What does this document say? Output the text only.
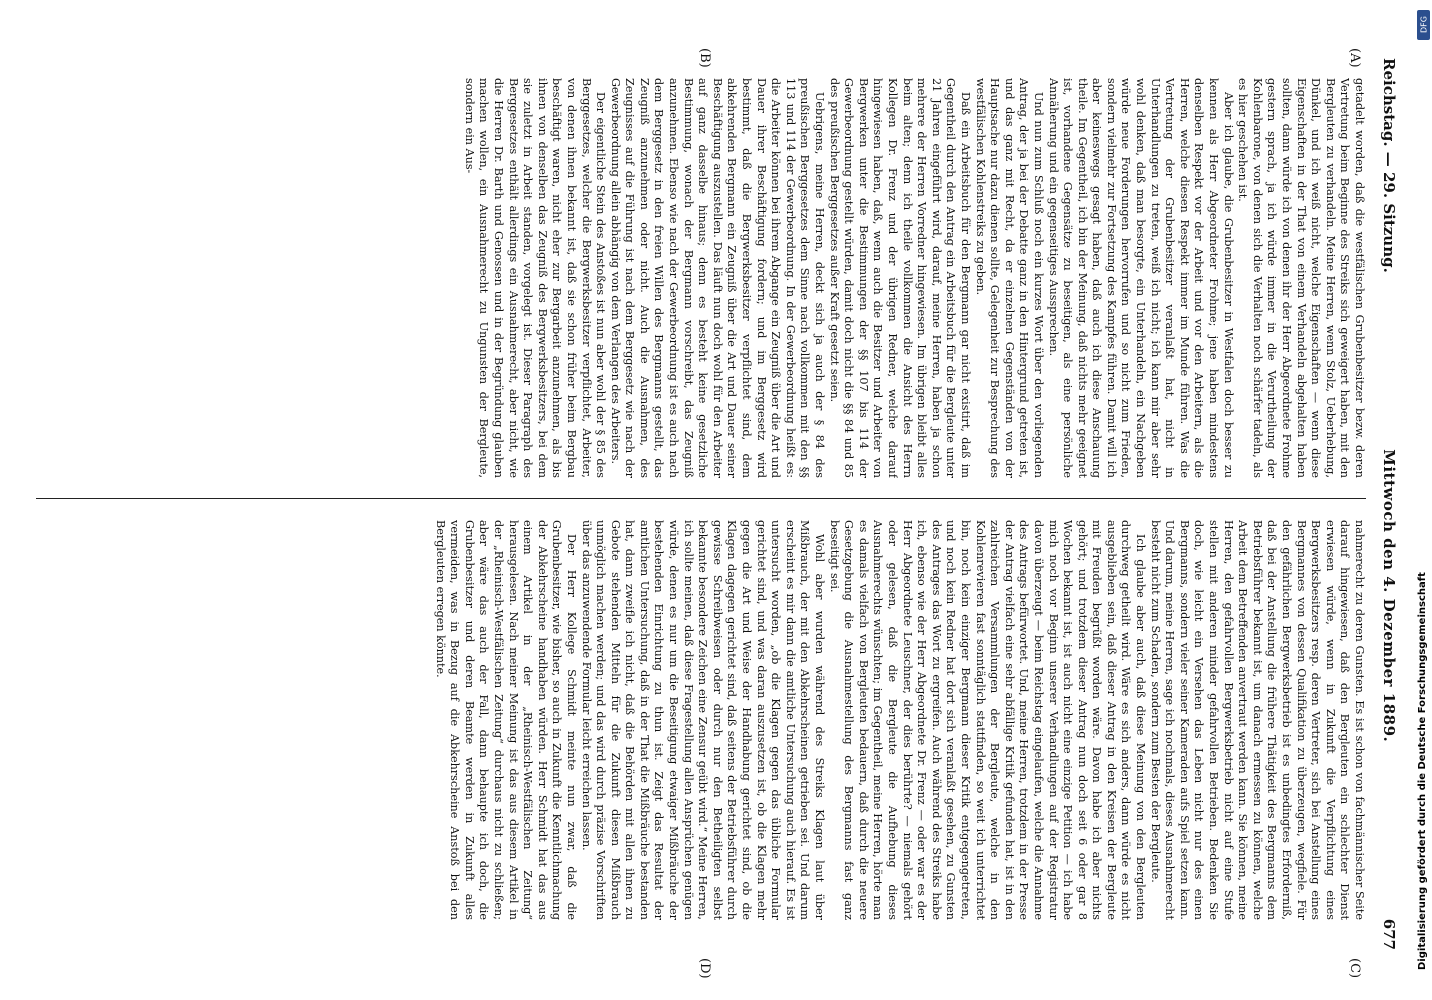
Reichstag. — 29. Sitzung.
Mittwoch den 4. Dezember 1889.
677
(A)
(B)
(C)
(D)

getadelt worden, daß die westfälischen Grubenbesitzer bezw. deren Vertretung beim Beginne des Streiks sich geweigert haben, mit den Bergleuten zu verhandeln. Meine Herren, wenn Stolz, Ueberhebung, Dünkel, und ich weiß nicht, welche Eigenschaften — wenn diese Eigenschaften in der That von einem Verhandeln abgehalten haben sollten, dann würde ich von denen ihr der Herr Abgeordnete Frohme gestern sprach, ja ich würde immer in die Verurtheilung der Kohlenbarone, von denen sich die Verhalten noch schärfer tadeln, als es hier geschehen ist.

Aber ich glaube, die Grubenbesitzer in Westfalen doch besser zu kennen als Herr Abgeordneter Frohme; jene haben mindestens denselben Respekt vor der Arbeit und vor den Arbeitern, als die Herren, welche diesen Respekt immer im Munde führen. Was die Vertretung der Grubenbesitzer veranlaßt hat, nicht in Unterhandlungen zu treten, weiß ich nicht; ich kann mir aber sehr wohl denken, daß man besorgte, ein Unterhandeln, ein Nachgeben würde neue Forderungen hervorrufen und so nicht zum Frieden, sondern vielmehr zur Fortsetzung des Kampfes führen. Damit will ich aber keineswegs gesagt haben, daß auch ich diese Anschauung theile. Im Gegentheil, ich bin der Meinung, daß nichts mehr geeignet ist, vorhandene Gegensätze zu beseitigen, als eine persönliche Annäherung und ein gegenseitiges Aussprechen.

Und nun zum Schluß noch ein kurzes Wort über den vorliegenden Antrag, der ja bei der Debatte ganz in den Hintergrund getreten ist, und das ganz mit Recht, da er einzelnen Gegenständen von der Hauptsache nur dazu dienen sollte, Gelegenheit zur Besprechung des westfälischen Kohlenstreiks zu geben.

Daß ein Arbeitsbuch für den Bergmann gar nicht existirt, daß im Gegentheil durch den Antrag ein Arbeitsbuch für die Bergleute unter 21 Jahren eingeführt wird, darauf, meine Herren, haben ja schon mehrere der Herren Vorredner hingewiesen. Im übrigen bleibt alles beim alten; denn ich theile vollkommen die Ansicht des Herrn Kollegen Dr. Frenz und der übrigen Redner, welche darauf hingewiesen haben, daß, wenn auch die Besitzer und Arbeiter von Bergwerken unter die Bestimmungen der §§ 107 bis 114 der Gewerbeordnung gestellt würden, damit doch nicht die §§ 84 und 85 des preußischen Berggesetzes außer Kraft gesetzt seien.

Uebrigens, meine Herren, deckt sich ja auch der § 84 des preußischen Berggesetzes dem Sinne nach vollkommen mit den §§ 113 und 114 der Gewerbeordnung. In der Gewerbeordnung heißt es: die Arbeiter können bei ihrem Abgange ein Zeugniß über die Art und Dauer ihrer Beschäftigung fordern; und im Berggesetz wird bestimmt, daß die Bergwerksbesitzer verpflichtet sind, dem abkehrenden Bergmann ein Zeugniß über die Art und Dauer seiner Beschäftigung auszustellen. Das läuft nun doch wohl für den Arbeiter auf ganz dasselbe hinaus; denn es besteht keine gesetzliche Bestimmung, wonach der Bergmann vorschreibt, das Zeugniß anzunehmen. Ebenso wie nach der Gewerbeordnung ist es auch nach dem Berggesetz in den freien Willen des Bergmanns gestellt, das Zeugniß anzunehmen oder nicht. Auch die Ausnahmen, des Zeugnisses auf die Führung ist nach dem Berggesetz wie nach der Gewerbeordnung allein abhängig von dem Verlangen des Arbeiters.

Der eigentliche Stein des Anstoßes ist nun aber wohl der § 85 des Berggesetzes, welcher die Bergwerksbesitzer verpflichtet, Arbeiter, von denen ihnen bekannt ist, daß sie schon früher beim Bergbau beschäftigt waren, nicht eher zur Bergarbeit anzunehmen, als bis ihnen von denselben das Zeugniß des Bergwerksbesitzers, bei dem sie zuletzt in Arbeit standen, vorgelegt ist. Dieser Paragraph des Berggesetzes enthält allerdings ein Ausnahmerecht, aber nicht, wie die Herren Dr. Barth und Genossen und in der Begründung glauben machen wollen, ein Ausnahmerecht zu Ungunsten der Bergleute, sondern ein Aus-

nahmerecht zu deren Gunsten. Es ist schon von fachmännischer Seite darauf hingewiesen, daß den Bergleuten ein schlechter Dienst erwiesen würde, wenn in Zukunft die Verpflichtung eines Bergwerksbesitzers resp. deren Vertreter, sich bei Anstellung eines Bergmannes von dessen Qualifikation zu überzeugen, wegfiele. Für den gefährlichen Bergwerksbetrieb ist es unbedingtes Erforderniß, daß bei der Anstellung die frühere Thätigkeit des Bergmanns dem Betriebsführer bekannt ist, um danach ermessen zu können, welche Arbeit dem Betreffenden anvertraut werden kann. Sie können, meine Herren, den gefahrvollen Bergwerksbetrieb nicht auf eine Stufe stellen mit anderen minder gefahrvollen Betrieben. Bedenken Sie doch, wie leicht ein Versehen das Leben nicht nur des einen Bergmanns, sondern vieler seiner Kameraden aufs Spiel setzen kann. Und darum, meine Herren, sage ich nochmals, dieses Ausnahmerecht besteht nicht zum Schaden, sondern zum Besten der Bergleute.

Ich glaube aber auch, daß diese Meinung von den Bergleuten durchweg getheilt wird. Wäre es sich anders, dann würde es nicht ausgeblieben sein, daß dieser Antrag in den Kreisen der Bergleute mit Freuden begrüßt worden wäre. Davon habe ich aber nichts gehört; und trotzdem dieser Antrag nun doch seit 6 oder gar 8 Wochen bekannt ist, ist auch nicht eine einzige Petition — ich habe mich noch vor Beginn unserer Verhandlungen auf der Registratur davon überzeugt — beim Reichstag eingelaufen, welche die Annahme des Antrags befürwortet. Und, meine Herren, trotzdem in der Presse der Antrag vielfach eine sehr abfällige Kritik gefunden hat, ist in den zahlreichen Versammlungen der Bergleute, welche in den Kohlenrevieren fast sonntäglich stattfinden, so weit ich unterrichtet bin, noch kein einziger Bergmann dieser Kritik entgegengetreten, und noch kein Redner hat dort sich veranlaßt gesehen, zu Gunsten des Antrages das Wort zu ergreifen. Auch während des Streiks habe ich, ebenso wie der Herr Abgeordnete Dr. Frenz — oder war es der Herr Abgeordnete Leuschner, der dies berührte? — niemals gehört oder gelesen, daß die Bergleute die Aufhebung dieses Ausnahmerechts wünschten; im Gegentheil, meine Herren, hörte man es damals vielfach von Bergleuten bedauern, daß durch die neuere Gesetzgebung die Ausnahmestellung des Bergmanns fast ganz beseitigt sei.

Wohl aber wurden während des Streiks Klagen laut über Mißbrauch, der mit den Abkehrscheinen getrieben sei. Und darum erscheint es mir dann die amtliche Untersuchung auch hierauf. Es ist untersucht worden, „ob die Klagen gegen das übliche Formular gerichtet sind, und was daran auszusetzen ist, ob die Klagen mehr gegen die Art und Weise der Handhabung gerichtet sind, ob die Klagen dagegen gerichtet sind, daß seitens der Betriebsführer durch gewisse Schreibweisen oder durch nur den Betheiligten selbst bekannte besondere Zeichen eine Zensur geübt wird.“ Meine Herren, ich sollte meinen, daß diese Fragestellung allen Ansprüchen genügen würde, denen es nur um die Beseitigung etwaiger Mißbräuche der bestehenden Einrichtung zu thun ist. Zeigt das Resultat der amtlichen Untersuchung, daß in der That die Mißbräuche bestanden hat, dann zweifle ich nicht, daß die Behörden mit allen ihnen zu Gebote stehenden Mitteln für die Zukunft diesen Mißbrauch unmöglich machen werden; und das wird durch präzise Vorschriften über das anzuwendende Formular leicht erreichen lassen.

Der Herr Kollege Schmidt meinte nun zwar, daß die Grubenbesitzer, wie bisher, so auch in Zukunft die Kenntlichmachung der Abkehrscheine handhaben würden. Herr Schmidt hat das aus einem Artikel in der „Rheinisch-Westfälischen Zeitung“ herausgelesen. Nach meiner Meinung ist das aus diesem Artikel in der „Rheinisch-Westfälischen Zeitung“ durchaus nicht zu schließen; aber wäre das auch der Fall, dann behaupte ich doch, die Grubenbesitzer und deren Beamte werden in Zukunft alles vermeiden, was in Bezug auf die Abkehrscheine Anstoß bei den Bergleuten erregen könnte.

DFG
Digitalisierung gefördert durch die Deutsche Forschungsgemeinschaft
